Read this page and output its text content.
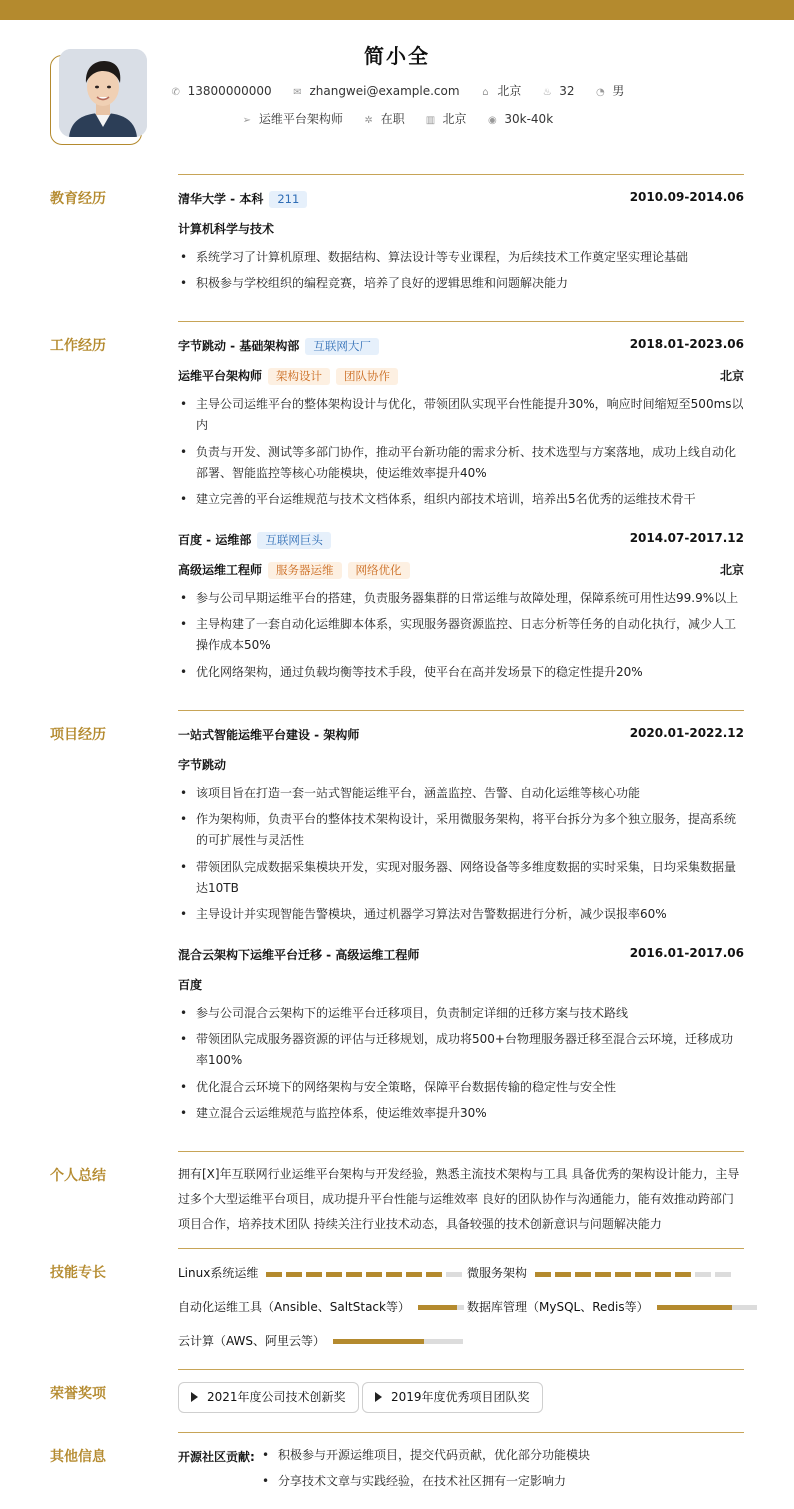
简小全
✆ 13800000000 ✉ zhangwei@example.com ⌂ 北京 ♨ 32 ◔ 男
➢ 运维平台架构师 ✲ 在职 ▥ 北京 ◉ 30k-40k
教育经历	清华大学 - 本科 211	2010.09-2014.06
计算机科学与技术
• 系统学习了计算机原理、数据结构、算法设计等专业课程，为后续技术工作奠定坚实理论基础
• 积极参与学校组织的编程竞赛，培养了良好的逻辑思维和问题解决能力
工作经历	字节跳动 - 基础架构部 互联网大厂	2018.01-2023.06
运维平台架构师 架构设计 团队协作	北京
• 主导公司运维平台的整体架构设计与优化，带领团队实现平台性能提升30%，响应时间缩短至500ms以内
• 负责与开发、测试等多部门协作，推动平台新功能的需求分析、技术选型与方案落地，成功上线自动化部署、智能监控等核心功能模块，使运维效率提升40%
• 建立完善的平台运维规范与技术文档体系，组织内部技术培训，培养出5名优秀的运维技术骨干
百度 - 运维部 互联网巨头	2014.07-2017.12
高级运维工程师 服务器运维 网络优化	北京
• 参与公司早期运维平台的搭建，负责服务器集群的日常运维与故障处理，保障系统可用性达99.9%以上
• 主导构建了一套自动化运维脚本体系，实现服务器资源监控、日志分析等任务的自动化执行，减少人工操作成本50%
• 优化网络架构，通过负载均衡等技术手段，使平台在高并发场景下的稳定性提升20%
项目经历	一站式智能运维平台建设 - 架构师	2020.01-2022.12
字节跳动
• 该项目旨在打造一套一站式智能运维平台，涵盖监控、告警、自动化运维等核心功能
• 作为架构师，负责平台的整体技术架构设计，采用微服务架构，将平台拆分为多个独立服务，提高系统的可扩展性与灵活性
• 带领团队完成数据采集模块开发，实现对服务器、网络设备等多维度数据的实时采集，日均采集数据量达10TB
• 主导设计并实现智能告警模块，通过机器学习算法对告警数据进行分析，减少误报率60%
混合云架构下运维平台迁移 - 高级运维工程师	2016.01-2017.06
百度
• 参与公司混合云架构下的运维平台迁移项目，负责制定详细的迁移方案与技术路线
• 带领团队完成服务器资源的评估与迁移规划，成功将500+台物理服务器迁移至混合云环境，迁移成功率100%
• 优化混合云环境下的网络架构与安全策略，保障平台数据传输的稳定性与安全性
• 建立混合云运维规范与监控体系，使运维效率提升30%
个人总结	拥有[X]年互联网行业运维平台架构与开发经验，熟悉主流技术架构与工具 具备优秀的架构设计能力，主导过多个大型运维平台项目，成功提升平台性能与运维效率 良好的团队协作与沟通能力，能有效推动跨部门项目合作，培养技术团队 持续关注行业技术动态，具备较强的技术创新意识与问题解决能力
技能专长	Linux系统运维	微服务架构
自动化运维工具（Ansible、SaltStack等）	数据库管理（MySQL、Redis等）
云计算（AWS、阿里云等）
荣誉奖项	2021年度公司技术创新奖	2019年度优秀项目团队奖
其他信息	开源社区贡献:
•	积极参与开源运维项目，提交代码贡献，优化部分功能模块
• 分享技术文章与实践经验，在技术社区拥有一定影响力
